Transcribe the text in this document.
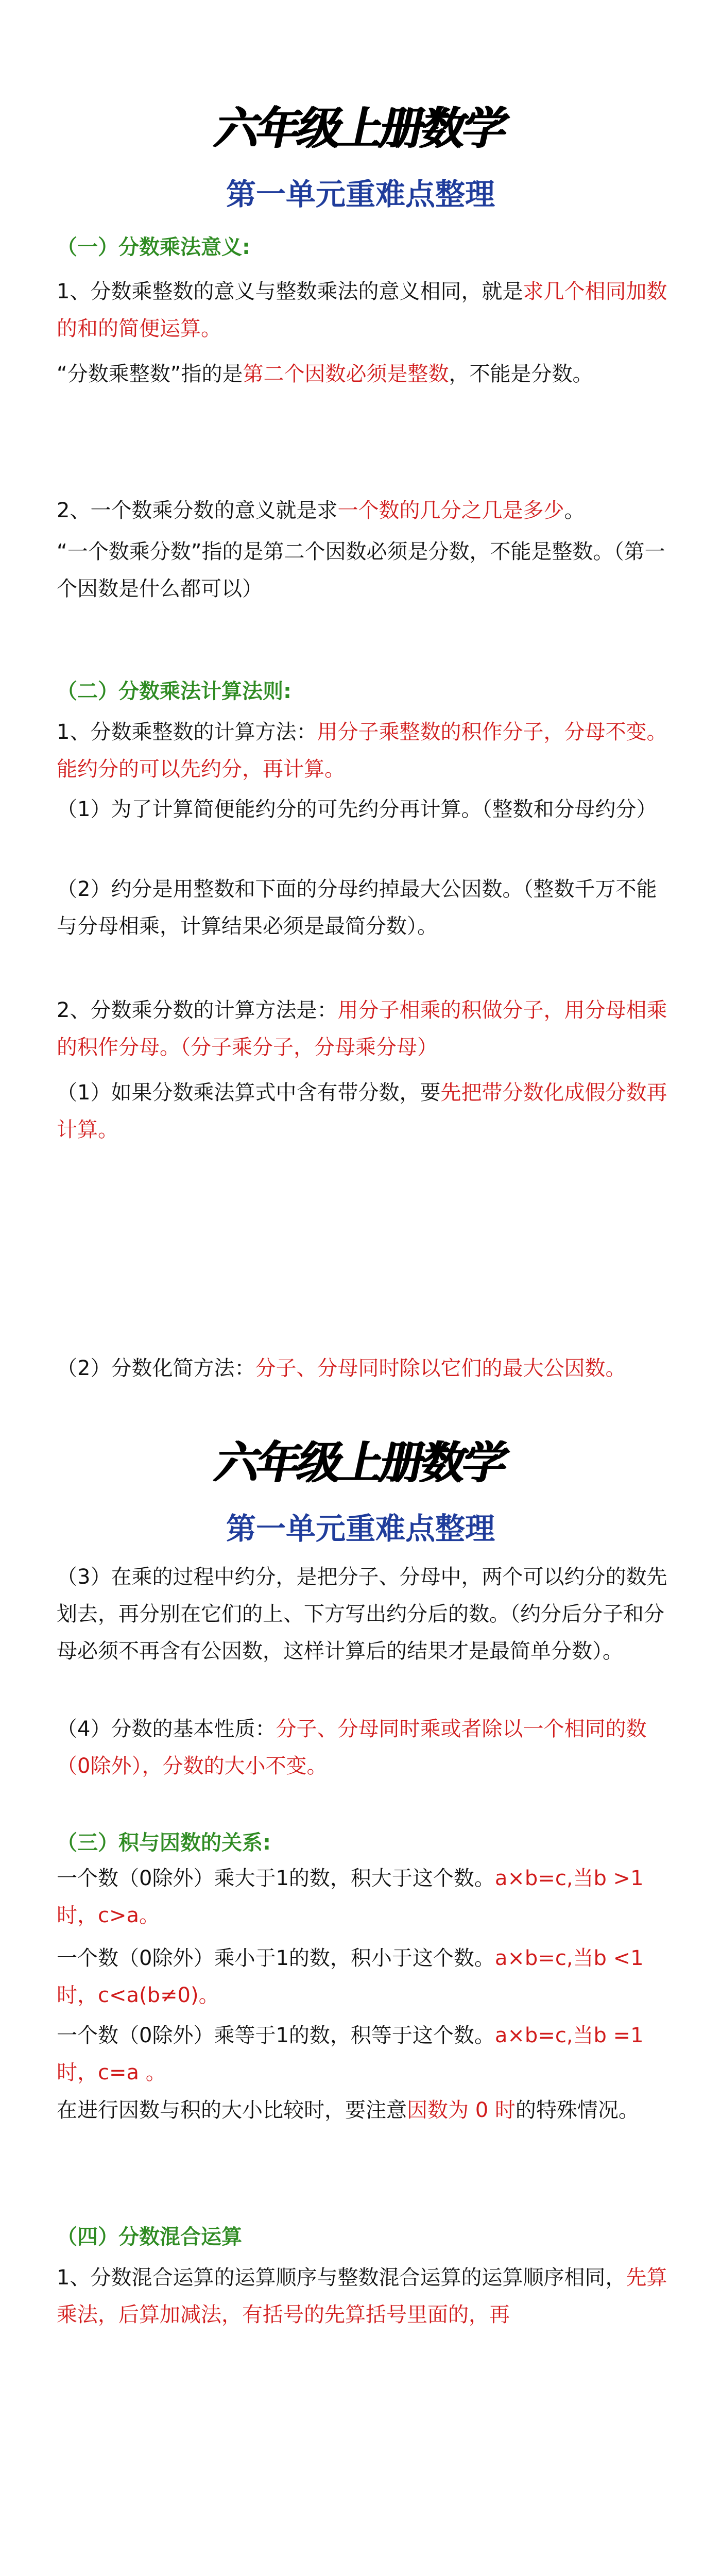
六年级上册数学
第一单元重难点整理
（一）分数乘法意义:

1、分数乘整数的意义与整数乘法的意义相同，就是求几个相同加数的和的简便运算。

“分数乘整数”指的是第二个因数必须是整数，不能是分数。

2、一个数乘分数的意义就是求一个数的几分之几是多少。

“一个数乘分数”指的是第二个因数必须是分数，不能是整数。（第一个因数是什么都可以）

（二）分数乘法计算法则:

1、分数乘整数的计算方法：用分子乘整数的积作分子，分母不变。能约分的可以先约分，再计算。

（1）为了计算简便能约分的可先约分再计算。（整数和分母约分）

（2）约分是用整数和下面的分母约掉最大公因数。（整数千万不能与分母相乘，计算结果必须是最简分数）。

2、分数乘分数的计算方法是：用分子相乘的积做分子，用分母相乘的积作分母。（分子乘分子，分母乘分母）

（1）如果分数乘法算式中含有带分数，要先把带分数化成假分数再计算。

（2）分数化简方法：分子、分母同时除以它们的最大公因数。

六年级上册数学
第一单元重难点整理

（3）在乘的过程中约分，是把分子、分母中，两个可以约分的数先划去，再分别在它们的上、下方写出约分后的数。（约分后分子和分母必须不再含有公因数，这样计算后的结果才是最简单分数）。

（4）分数的基本性质：分子、分母同时乘或者除以一个相同的数（0除外），分数的大小不变。

（三）积与因数的关系:

一个数（0除外）乘大于1的数，积大于这个数。a×b=c,当b >1时，c>a。

一个数（0除外）乘小于1的数，积小于这个数。a×b=c,当b <1时，c<a(b≠0)。

一个数（0除外）乘等于1的数，积等于这个数。a×b=c,当b =1时，c=a 。

在进行因数与积的大小比较时，要注意因数为 0 时的特殊情况。

（四）分数混合运算

1、分数混合运算的运算顺序与整数混合运算的运算顺序相同，先算乘法，后算加减法，有括号的先算括号里面的，再
